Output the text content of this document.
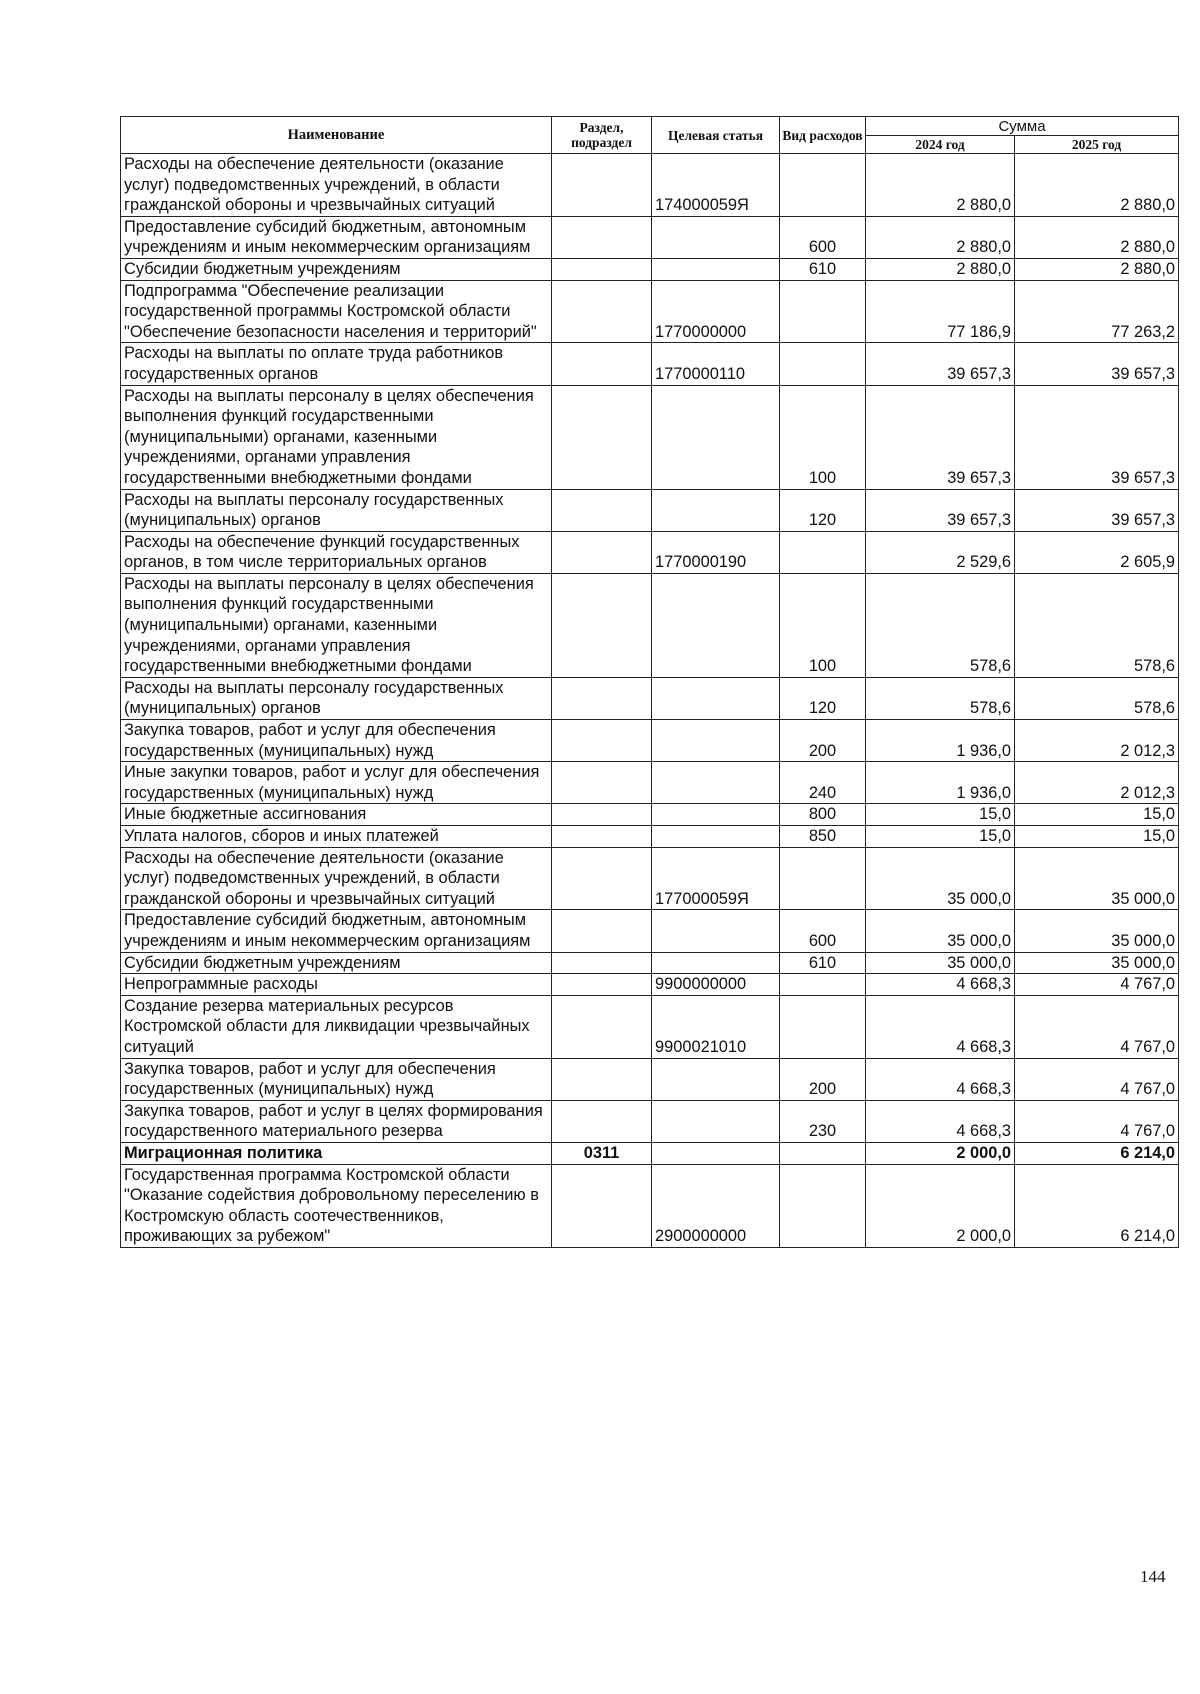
Наименование	Раздел, подраздел	Целевая статья	Вид расходов	Сумма	
				2024 год	2025 год
Расходы на обеспечение деятельности (оказание услуг) подведомственных учреждений, в области гражданской обороны и чрезвычайных ситуаций		174000059Я		2 880,0	2 880,0
Предоставление субсидий бюджетным, автономным учреждениям и иным некоммерческим организациям			600	2 880,0	2 880,0
Субсидии бюджетным учреждениям			610	2 880,0	2 880,0
Подпрограмма "Обеспечение реализации государственной программы Костромской области "Обеспечение безопасности населения и территорий"		1770000000		77 186,9	77 263,2
Расходы на выплаты по оплате труда работников государственных органов		1770000110		39 657,3	39 657,3
Расходы на выплаты персоналу в целях обеспечения выполнения функций государственными (муниципальными) органами, казенными учреждениями, органами управления государственными внебюджетными фондами			100	39 657,3	39 657,3
Расходы на выплаты персоналу государственных (муниципальных) органов			120	39 657,3	39 657,3
Расходы на обеспечение функций государственных органов, в том числе территориальных органов		1770000190		2 529,6	2 605,9
Расходы на выплаты персоналу в целях обеспечения выполнения функций государственными (муниципальными) органами, казенными учреждениями, органами управления государственными внебюджетными фондами			100	578,6	578,6
Расходы на выплаты персоналу государственных (муниципальных) органов			120	578,6	578,6
Закупка товаров, работ и услуг для обеспечения государственных (муниципальных) нужд			200	1 936,0	2 012,3
Иные закупки товаров, работ и услуг для обеспечения государственных (муниципальных) нужд			240	1 936,0	2 012,3
Иные бюджетные ассигнования			800	15,0	15,0
Уплата налогов, сборов и иных платежей			850	15,0	15,0
Расходы на обеспечение деятельности (оказание услуг) подведомственных учреждений, в области гражданской обороны и чрезвычайных ситуаций		177000059Я		35 000,0	35 000,0
Предоставление субсидий бюджетным, автономным учреждениям и иным некоммерческим организациям			600	35 000,0	35 000,0
Субсидии бюджетным учреждениям			610	35 000,0	35 000,0
Непрограммные расходы		9900000000		4 668,3	4 767,0
Создание резерва материальных ресурсов Костромской области для ликвидации чрезвычайных ситуаций		9900021010		4 668,3	4 767,0
Закупка товаров, работ и услуг для обеспечения государственных (муниципальных) нужд			200	4 668,3	4 767,0
Закупка товаров, работ и услуг в целях формирования государственного материального резерва			230	4 668,3	4 767,0
Миграционная политика	0311			2 000,0	6 214,0
Государственная программа Костромской области "Оказание содействия добровольному переселению в Костромскую область соотечественников, проживающих за рубежом"		2900000000		2 000,0	6 214,0
144
